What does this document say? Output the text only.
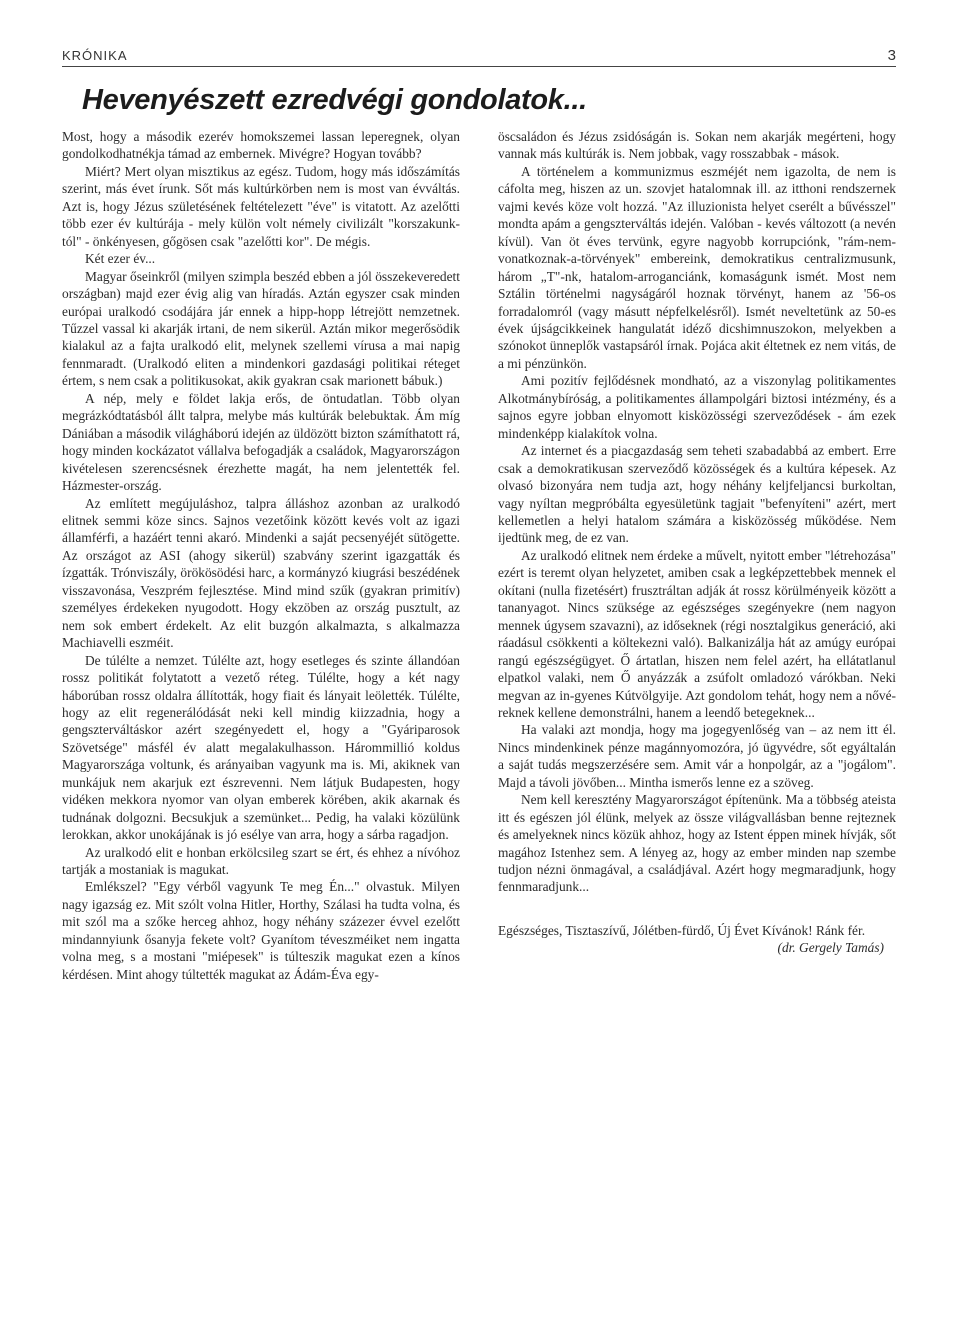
KRÓNIKA	3
Hevenyészett ezredvégi gondolatok...

Most, hogy a második ezerév homokszemei lassan leperegnek, olyan gondolkodhatnékja támad az embernek. Mivégre? Hogyan tovább?

Miért? Mert olyan misztikus az egész. Tudom, hogy más időszámítás szerint, más évet írunk. Sőt más kultúrkörben nem is most van évváltás. Azt is, hogy Jézus születésének feltételezett "éve" is vitatott. Az azelőtti több ezer év kultúrája - mely külön volt némely civilizált "korszakunk-tól" - önkényesen, gőgösen csak "azelőtti kor". De mégis.

Két ezer év...

Magyar őseinkről (milyen szimpla beszéd ebben a jól összekeveredett országban) majd ezer évig alig van híradás. Aztán egyszer csak minden európai uralkodó csodájára jár ennek a hipp-hopp létrejött nemzetnek. Tűzzel vassal ki akarják irtani, de nem sikerül. Aztán mikor megerősödik kialakul az a fajta uralkodó elit, melynek szellemi vírusa a mai napig fennmaradt. (Uralkodó eliten a mindenkori gazdasági politikai réteget értem, s nem csak a politikusokat, akik gyakran csak marionett bábuk.)

A nép, mely e földet lakja erős, de öntudatlan. Több olyan megrázkódtatásból állt talpra, melybe más kultúrák belebuktak. Ám míg Dániában a második világháború idején az üldözött bizton számíthatott rá, hogy minden kockázatot vállalva befogadják a családok, Magyarországon kivételesen szerencsésnek érezhette magát, ha nem jelentették fel. Házmester-ország.

Az említett megújuláshoz, talpra álláshoz azonban az uralkodó elitnek semmi köze sincs. Sajnos vezetőink között kevés volt az igazi államférfi, a hazáért tenni akaró. Mindenki a saját pecsenyéjét sütögette. Az országot az ASI (ahogy sikerül) szabvány szerint igazgatták és ízgatták. Trónviszály, örökösödési harc, a kormányzó kiugrási beszédének visszavonása, Veszprém fejlesztése. Mind mind szűk (gyakran primitív) személyes érdekeken nyugodott. Hogy ekzöben az ország pusztult, az nem sok embert érdekelt. Az elit buzgón alkalmazta, s alkalmazza Machiavelli eszméit.

De túlélte a nemzet. Túlélte azt, hogy esetleges és szinte állandóan rossz politikát folytatott a vezető réteg. Túlélte, hogy a két nagy háborúban rossz oldalra állították, hogy fiait és lányait leölették. Túlélte, hogy az elit regenerálódását neki kell mindig kiizzadnia, hogy a gengszterváltáskor azért szegényedett el, hogy a "Gyáriparosok Szövetsége" másfél év alatt megalakulhasson. Hárommillió koldus Magyarországa voltunk, és arányaiban vagyunk ma is. Mi, akiknek van munkájuk nem akarjuk ezt észrevenni. Nem látjuk Budapesten, hogy vidéken mekkora nyomor van olyan emberek körében, akik akarnak és tudnának dolgozni. Becsukjuk a szemünket... Pedig, ha valaki közülünk lerokkan, akkor unokájának is jó esélye van arra, hogy a sárba ragadjon.

Az uralkodó elit e honban erkölcsileg szart se ért, és ehhez a nívóhoz tartják a mostaniak is magukat.

Emlékszel? "Egy vérből vagyunk Te meg Én..." olvastuk. Milyen nagy igazság ez. Mit szólt volna Hitler, Horthy, Szálasi ha tudta volna, és mit szól ma a szőke herceg ahhoz, hogy néhány százezer évvel ezelőtt mindannyiunk ősanyja fekete volt? Gyanítom téveszméiket nem ingatta volna meg, s a mostani "miépesek" is túlteszik magukat ezen a kínos kérdésen. Mint ahogy túltették magukat az Ádám-Éva egy-

öscsaládon és Jézus zsidóságán is. Sokan nem akarják megérteni, hogy vannak más kultúrák is. Nem jobbak, vagy rosszabbak - mások.

A történelem a kommunizmus eszméjét nem igazolta, de nem is cáfolta meg, hiszen az un. szovjet hatalomnak ill. az itthoni rendszernek vajmi kevés köze volt hozzá. "Az illuzionista helyet cserélt a bűvésszel" mondta apám a gengszterváltás idején. Valóban - kevés változott (a nevén kívül). Van öt éves tervünk, egyre nagyobb korrupciónk, "rám-nem-vonatkoznak-a-törvények" embereink, demokratikus centralizmusunk, három „T"-nk, hatalom-arroganciánk, komaságunk ismét. Most nem Sztálin történelmi nagyságáról hoznak törvényt, hanem az '56-os forradalomról (vagy másutt népfelkelésről). Ismét neveltetünk az 50-es évek újságcikkeinek hangulatát idéző dicshimnuszokon, melyekben a szónokot ünneplők vastapsáról írnak. Pojáca akit éltetnek ez nem vitás, de a mi pénzünkön.

Ami pozitív fejlődésnek mondható, az a viszonylag politikamentes Alkotmánybíróság, a politikamentes állampolgári biztosi intézmény, és a sajnos egyre jobban elnyomott kisközösségi szerveződések - ám ezek mindenképp kialakítok volna.

Az internet és a piacgazdaság sem teheti szabadabbá az embert. Erre csak a demokratikusan szerveződő közösségek és a kultúra képesek. Az olvasó bizonyára nem tudja azt, hogy néhány keljfeljancsi burkoltan, vagy nyíltan megpróbálta egyesületünk tagjait "befenyíteni" azért, mert kellemetlen a helyi hatalom számára a kisközösség működése. Nem ijedtünk meg, de ez van.

Az uralkodó elitnek nem érdeke a művelt, nyitott ember "létrehozása" ezért is teremt olyan helyzetet, amiben csak a legképzettebbek mennek el okítani (nulla fizetésért) frusztráltan adják át rossz körülményeik között a tananyagot. Nincs szüksége az egészséges szegényekre (nem nagyon mennek úgysem szavazni), az időseknek (régi nosztalgikus generáció, aki ráadásul csökkenti a költekezni való). Balkanizálja hát az amúgy európai rangú egészségügyet. Ő ártatlan, hiszen nem felel azért, ha ellátatlanul elpatkol valaki, nem Ő anyázzák a zsúfolt omladozó várókban. Neki megvan az in-gyenes Kútvölgyije. Azt gondolom tehát, hogy nem a nővé-reknek kellene demonstrálni, hanem a leendő betegeknek...

Ha valaki azt mondja, hogy ma jogegyenlőség van – az nem itt él. Nincs mindenkinek pénze magánnyomozóra, jó ügyvédre, sőt egyáltalán a saját tudás megszerzésére sem. Amit vár a honpolgár, az a "jogálom". Majd a távoli jövőben... Mintha ismerős lenne ez a szöveg.

Nem kell keresztény Magyarországot építenünk. Ma a többség ateista itt és egészen jól élünk, melyek az össze világvallásban benne rejteznek és amelyeknek nincs közük ahhoz, hogy az Istent éppen minek hívják, sőt magához Istenhez sem. A lényeg az, hogy az ember minden nap szembe tudjon nézni önmagával, a családjával. Azért hogy megmaradjunk, hogy fennmaradjunk...

Egészséges, Tisztaszívű, Jólétben-fürdő, Új Évet Kívánok! Ránk fér.

(dr. Gergely Tamás)
